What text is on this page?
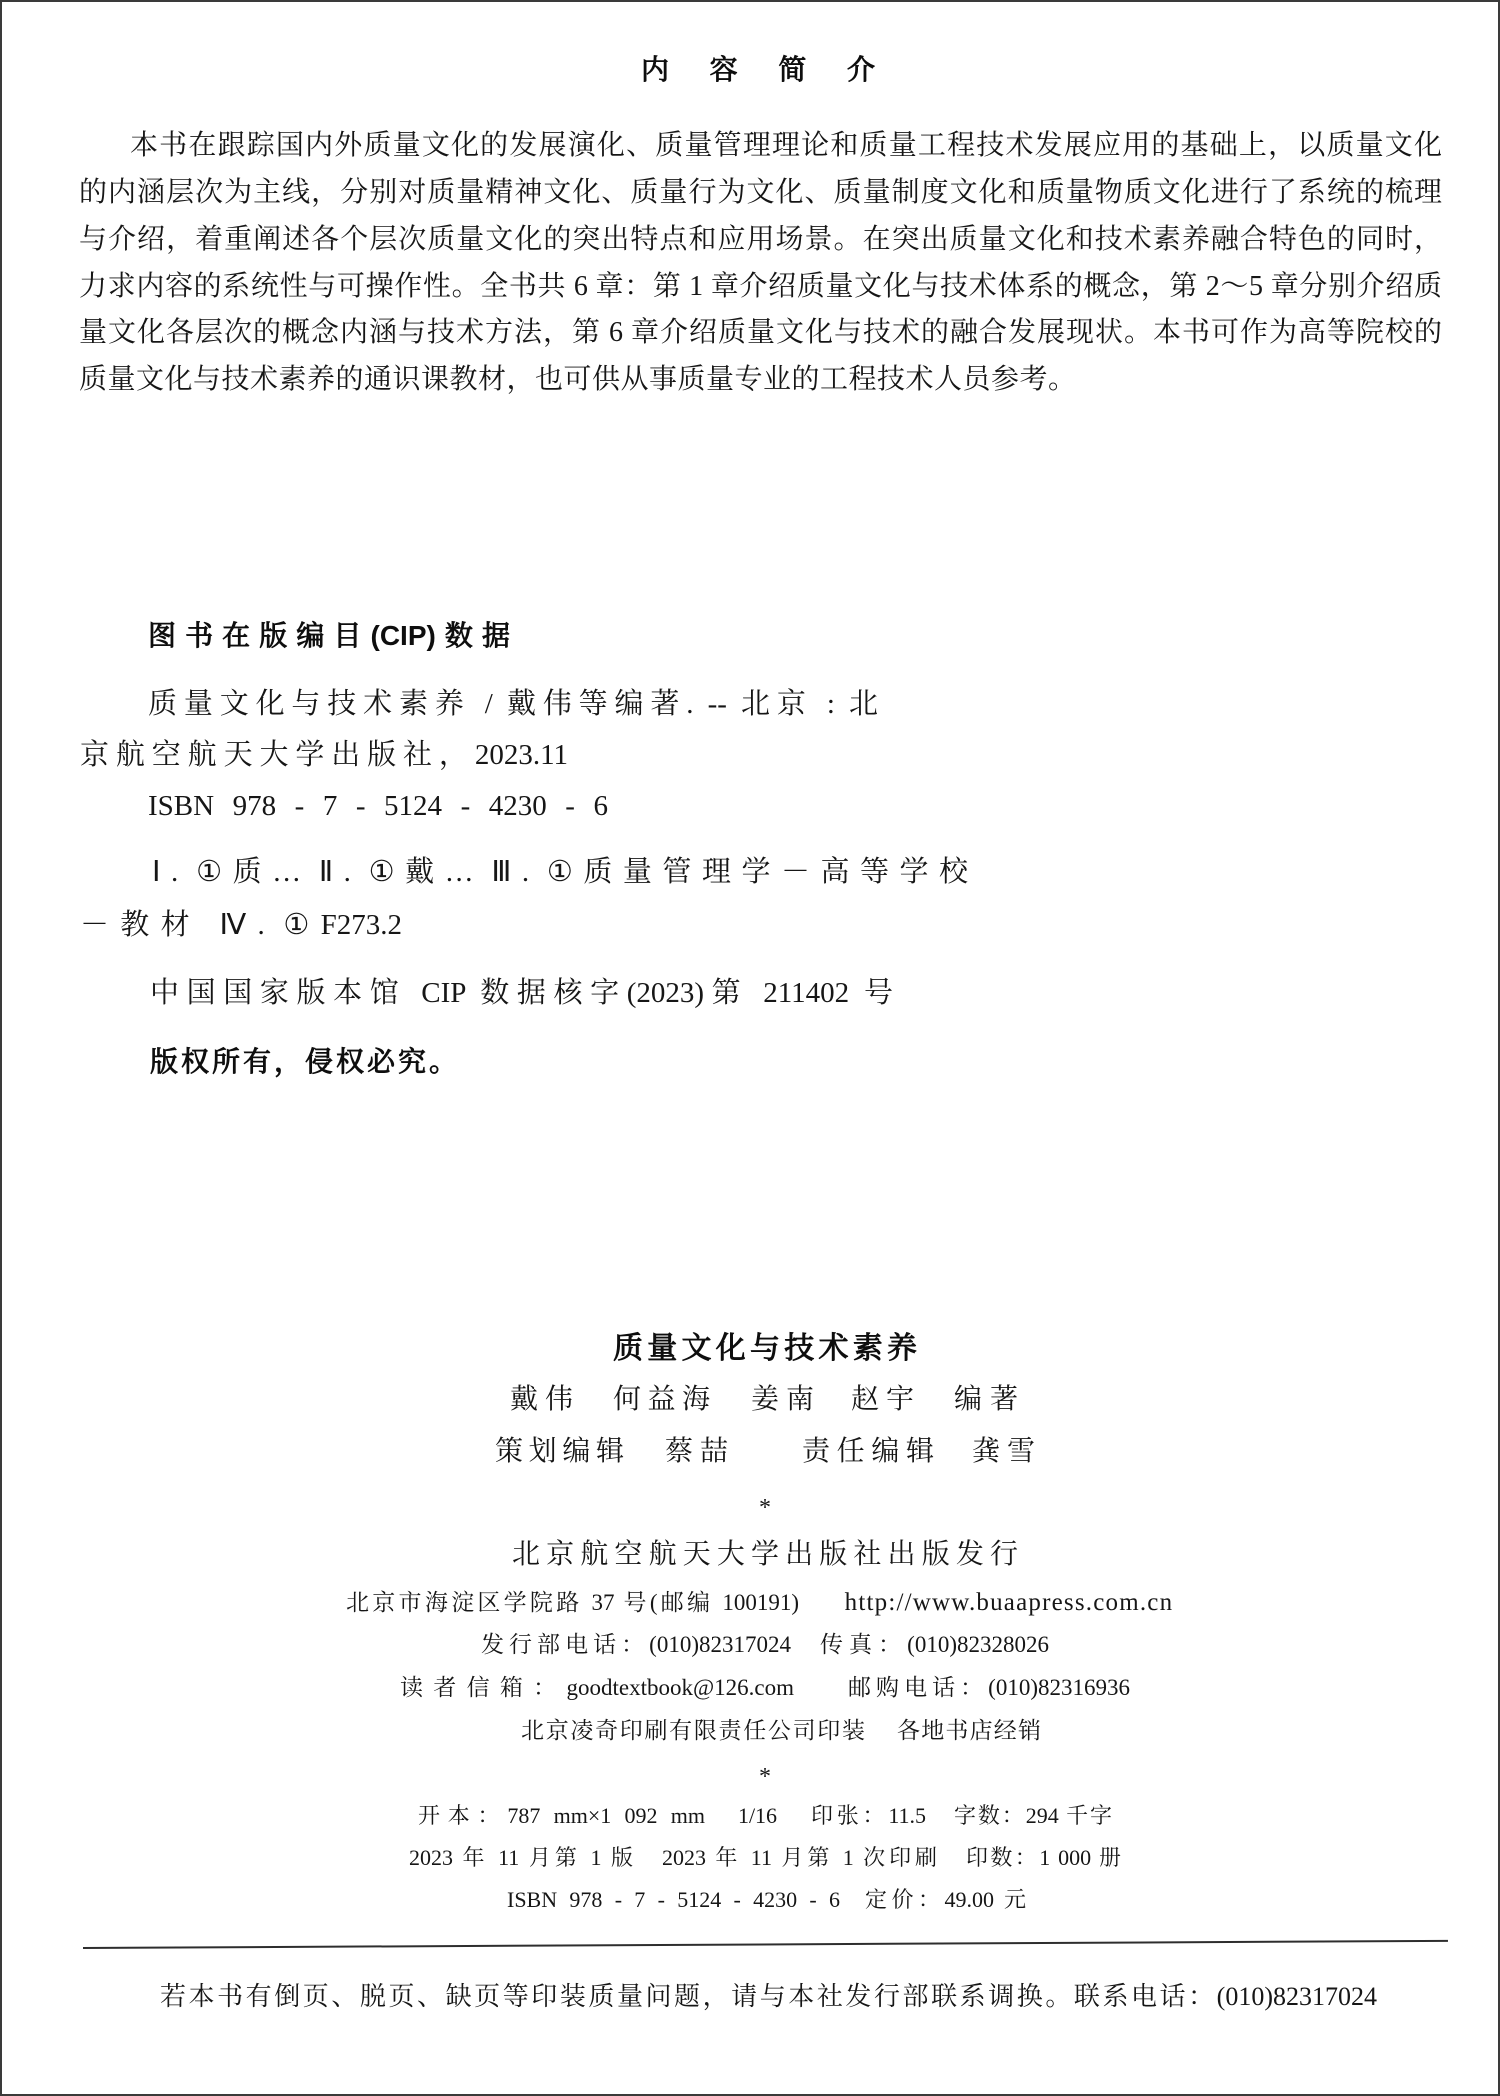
内容简介
本书在跟踪国内外质量文化的发展演化、质量管理理论和质量工程技术发展应用的基础上，以质量文化
的内涵层次为主线，分别对质量精神文化、质量行为文化、质量制度文化和质量物质文化进行了系统的梳理
与介绍，着重阐述各个层次质量文化的突出特点和应用场景。在突出质量文化和技术素养融合特色的同时，
力求内容的系统性与可操作性。全书共 6 章：第 1 章介绍质量文化与技术体系的概念，第 2～5 章分别介绍质
量文化各层次的概念内涵与技术方法，第 6 章介绍质量文化与技术的融合发展现状。本书可作为高等院校的
质量文化与技术素养的通识课教材，也可供从事质量专业的工程技术人员参考。
图书在版编目(CIP)数据
质量文化与技术素养 / 戴伟等编著. -- 北京 : 北
京航空航天大学出版社，2023.11
ISBN 978 - 7 - 5124 - 4230 - 6
Ⅰ. ①质… Ⅱ. ①戴… Ⅲ. ①质量管理学－高等学校
－教材 Ⅳ. ①F273.2
中国国家版本馆 CIP 数据核字(2023)第 211402 号
版权所有，侵权必究。
质量文化与技术素养
戴伟 何益海 姜南 赵宇 编著
策划编辑 蔡喆	责任编辑 龚雪
*
北京航空航天大学出版社出版发行
北京市海淀区学院路 37 号(邮编 100191)	http://www.buaapress.com.cn
发行部电话：(010)82317024 传真：(010)82328026
读者信箱：goodtextbook@126.com 邮购电话：(010)82316936
北京凌奇印刷有限责任公司印装 各地书店经销
*
开本：787 mm×1 092 mm 1/16 印张：11.5 字数：294 千字
2023 年 11 月第 1 版 2023 年 11 月第 1 次印刷 印数：1 000 册
ISBN 978 - 7 - 5124 - 4230 - 6 定价：49.00 元
若本书有倒页、脱页、缺页等印装质量问题，请与本社发行部联系调换。联系电话：(010)82317024
